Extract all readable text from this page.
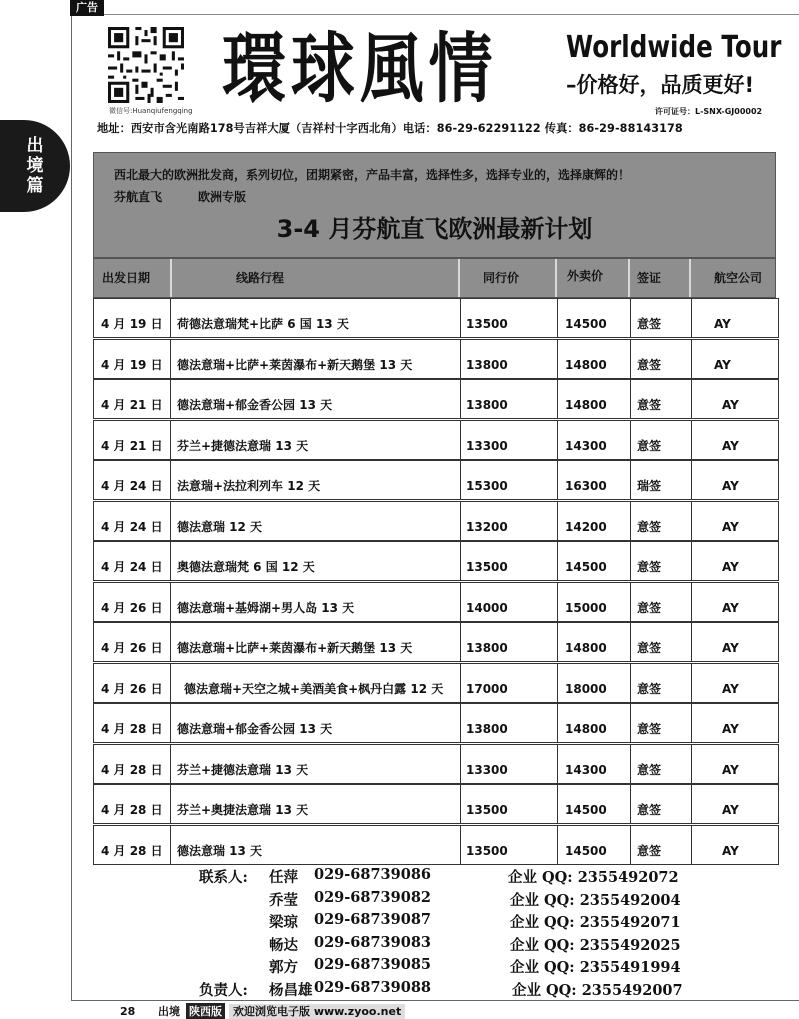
广告
出境篇
微信号:Huanqiufengqing 環球風情 Worldwide Tour
–价格好，品质更好!
许可证号：L-SNX-GJ00002
地址：西安市含光南路178号吉祥大厦（吉祥村十字西北角）电话：86-29-62291122 传真：86-29-88143178
西北最大的欧洲批发商，系列切位，团期紧密，产品丰富，选择性多，选择专业的，选择康辉的！
芬航直飞	欧洲专版
3-4 月芬航直飞欧洲最新计划
出发日期	线路行程	同行价	外卖价	签证	航空公司
4 月 19 日 荷德法意瑞梵+比萨 6 国 13 天	13500	14500	意签	AY
4 月 19 日 德法意瑞+比萨+莱茵瀑布+新天鹅堡 13 天	13800	14800	意签	AY
4 月 21 日 德法意瑞+郁金香公园 13 天	13800	14800	意签	AY
4 月 21 日 芬兰+捷德法意瑞 13 天	13300	14300	意签	AY
4 月 24 日 法意瑞+法拉利列车 12 天	15300	16300	瑞签	AY
4 月 24 日 德法意瑞 12 天	13200	14200	意签	AY
4 月 24 日 奥德法意瑞梵 6 国 12 天	13500	14500	意签	AY
4 月 26 日 德法意瑞+基姆湖+男人岛 13 天	14000	15000	意签	AY
4 月 26 日 德法意瑞+比萨+莱茵瀑布+新天鹅堡 13 天	13800	14800	意签	AY
4 月 26 日 德法意瑞+天空之城+美酒美食+枫丹白露 12 天 17000	18000	意签	AY
4 月 28 日 德法意瑞+郁金香公园 13 天	13800	14800	意签	AY
4 月 28 日 芬兰+捷德法意瑞 13 天	13300	14300	意签	AY
4 月 28 日 芬兰+奥捷法意瑞 13 天	13500	14500	意签	AY
4 月 28 日 德法意瑞 13 天	13500	14500	意签	AY
联系人: 任萍 029-68739086	企业 QQ: 2355492072
乔莹 029-68739082	企业 QQ: 2355492004
梁琼 029-68739087	企业 QQ: 2355492071
畅达 029-68739083	企业 QQ: 2355492025
郭方 029-68739085	企业 QQ: 2355491994
负责人: 杨昌雄 029-68739088	企业 QQ: 2355492007
28 出境 陕西版 欢迎浏览电子版 www.zyoo.net
